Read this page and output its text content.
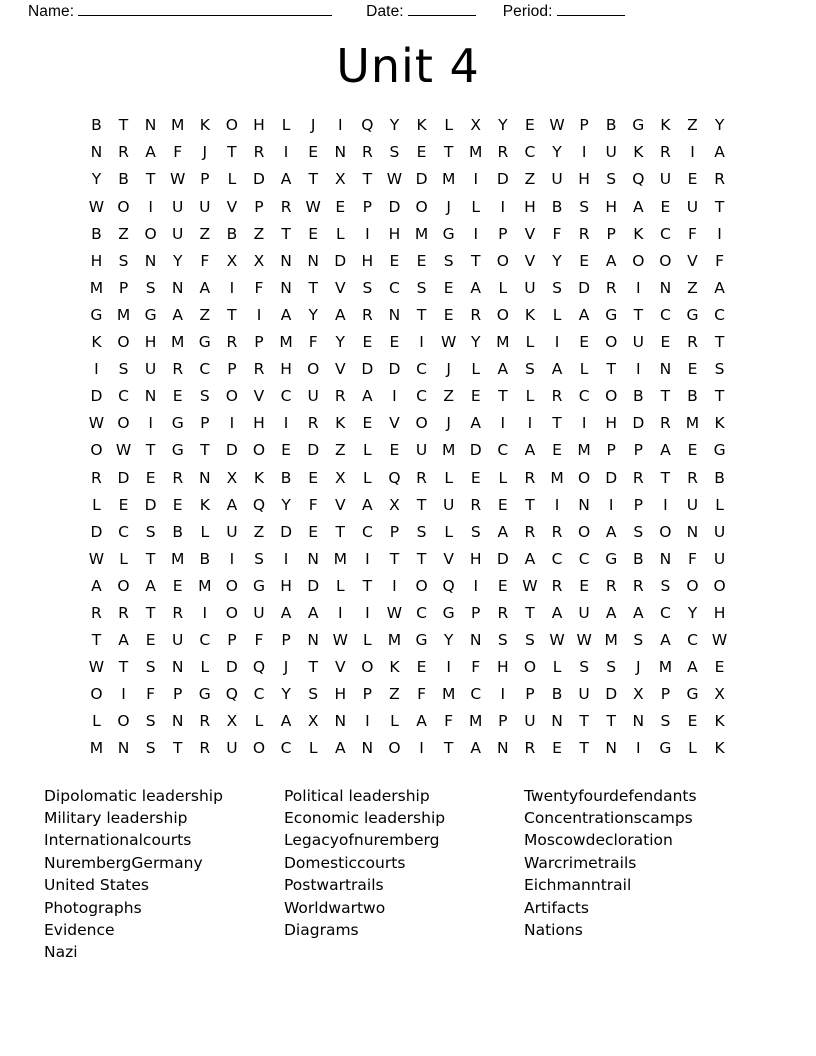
Name:	Date:	Period:
Unit 4
B	T	N M K	O H	L	J	I	Q	Y	K	L	X	Y	E W P	B	G	K	Z	Y
N	R	A	F	J	T	R	I	E	N	R	S	E	T	M R	C	Y	I	U	K	R	I	A
Y	B	T W P	L	D	A	T	X	T W D M	I	D	Z	U	H	S	Q U	E	R
W O	I	U	U	V	P	R W E	P	D O	J	L	I	H	B	S	H	A	E	U	T
B	Z	O U	Z	B	Z	T	E	L	I	H M G	I	P	V	F	R	P	K	C	F	I
H	S	N	Y	F	X	X	N N D H	E	E	S	T	O	V	Y	E	A	O O	V	F
M	P	S	N	A	I	F	N	T	V	S	C	S	E	A	L	U	S	D	R	I	N	Z	A
G M G	A	Z	T	I	A	Y	A	R	N	T	E	R	O	K	L	A	G	T	C	G	C
K	O H M G	R	P	M	F	Y	E	E	I	W Y	M	L	I	E	O U	E	R	T
I	S	U	R	C	P	R	H O	V	D D	C	J	L	A	S	A	L	T	I	N	E	S
D	C	N	E	S	O	V	C	U	R	A	I	C	Z	E	T	L	R	C	O	B	T	B	T
W O	I	G	P	I	H	I	R	K	E	V	O	J	A	I	I	T	I	H D	R M K
O W T	G	T	D O	E	D	Z	L	E	U M D	C	A	E	M	P	P	A	E	G
R	D	E	R	N	X	K	B	E	X	L	Q	R	L	E	L	R M O D	R	T	R	B
L	E	D	E	K	A	Q	Y	F	V	A	X	T	U	R	E	T	I	N	I	P	I	U	L
D	C	S	B	L	U	Z	D	E	T	C	P	S	L	S	A	R	R	O	A	S	O N	U
W L	T	M B	I	S	I	N M	I	T	T	V	H D	A	C	C	G	B	N	F	U
A	O	A	E	M O G H D	L	T	I	O Q	I	E W R	E	R	R	S	O O
R	R	T	R	I	O U	A	A	I	I	W C	G	P	R	T	A	U	A	A	C	Y	H
T	A	E	U	C	P	F	P	N W L	M G	Y	N	S	S W W M S	A	C W
W T	S	N	L	D Q	J	T	V	O	K	E	I	F	H O	L	S	S	J	M A	E
O	I	F	P	G Q	C	Y	S	H	P	Z	F	M C	I	P	B	U D	X	P	G	X
L	O	S	N	R	X	L	A	X	N	I	L	A	F	M	P	U	N	T	T	N	S	E	K
M N	S	T	R	U O	C	L	A	N O	I	T	A	N	R	E	T	N	I	G	L	K
Dipolomatic leadership
Military leadership
Internationalcourts
NurembergGermany
United States
Photographs
Evidence
Nazi
Political leadership
Economic leadership
Legacyofnuremberg
Domesticcourts
Postwartrails
Worldwartwo
Diagrams
Twentyfourdefendants
Concentrationscamps
Moscowdecloration
Warcrimetrails
Eichmanntrail
Artifacts
Nations
